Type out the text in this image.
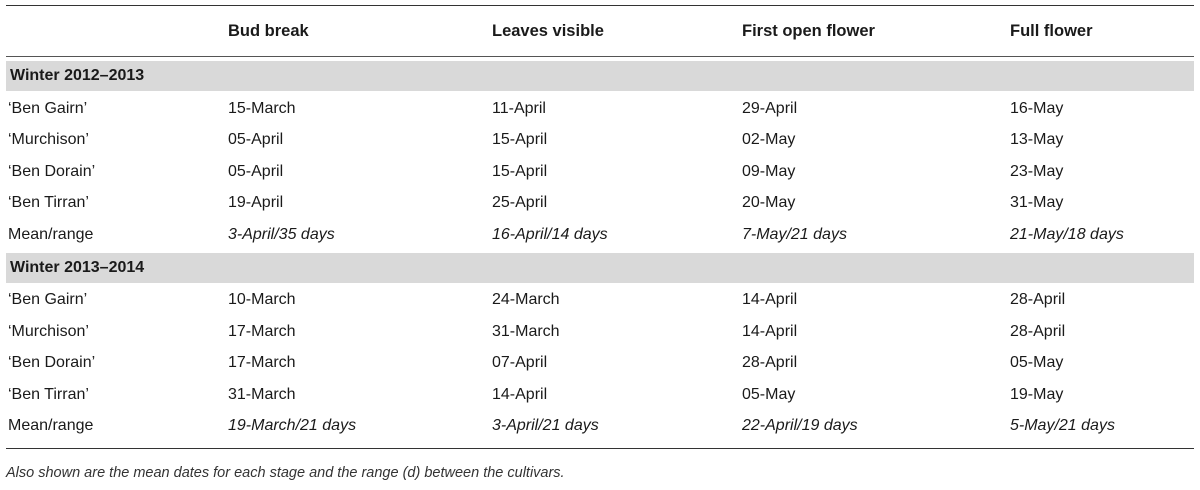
Bud break	Leaves visible	First open flower	Full flower
Winter 2012–2013
‘Ben Gairn’	15-March	11-April	29-April	16-May
‘Murchison’	05-April	15-April	02-May	13-May
‘Ben Dorain’	05-April	15-April	09-May	23-May
‘Ben Tirran’	19-April	25-April	20-May	31-May
Mean/range	3-April/35 days	16-April/14 days	7-May/21 days	21-May/18 days
Winter 2013–2014
‘Ben Gairn’	10-March	24-March	14-April	28-April
‘Murchison’	17-March	31-March	14-April	28-April
‘Ben Dorain’	17-March	07-April	28-April	05-May
‘Ben Tirran’	31-March	14-April	05-May	19-May
Mean/range	19-March/21 days	3-April/21 days	22-April/19 days	5-May/21 days
Also shown are the mean dates for each stage and the range (d) between the cultivars.
